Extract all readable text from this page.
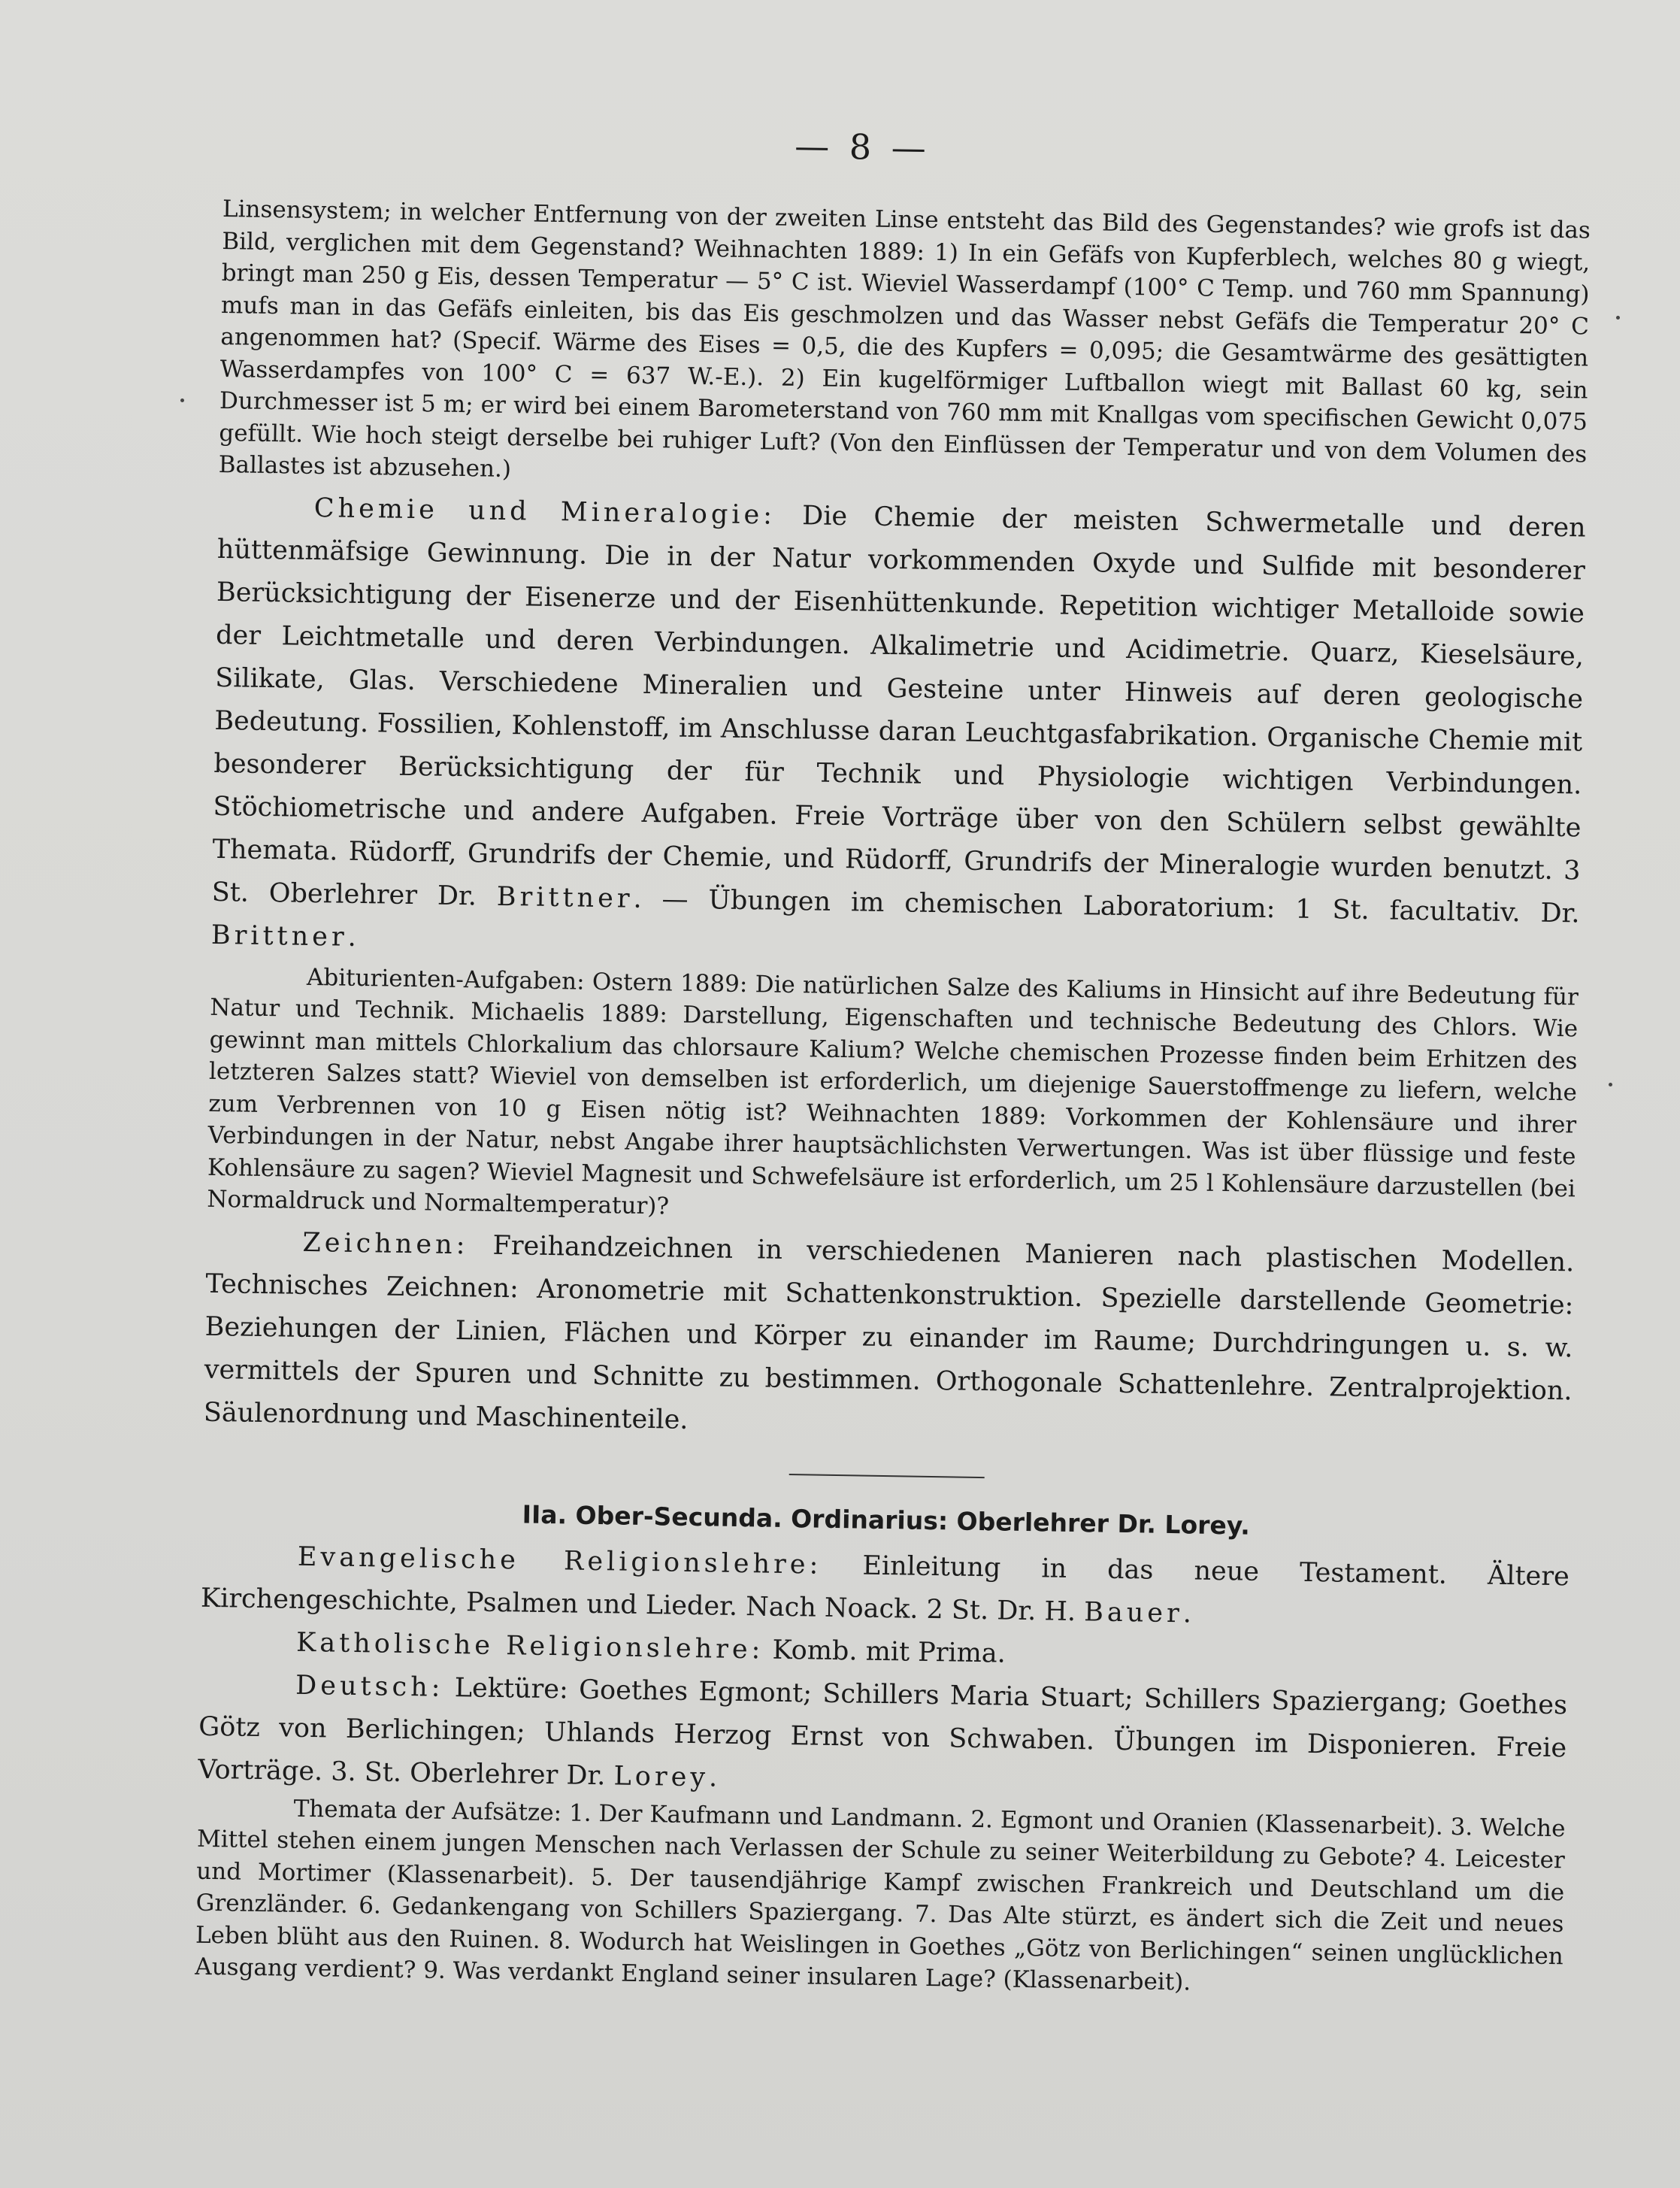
— 8 —

Linsensystem; in welcher Entfernung von der zweiten Linse entsteht das Bild des Gegenstandes? wie grofs ist das Bild, verglichen mit dem Gegenstand? Weihnachten 1889: 1) In ein Gefäfs von Kupferblech, welches 80 g wiegt, bringt man 250 g Eis, dessen Temperatur — 5° C ist. Wieviel Wasserdampf (100° C Temp. und 760 mm Spannung) mufs man in das Gefäfs einleiten, bis das Eis geschmolzen und das Wasser nebst Gefäfs die Temperatur 20° C angenommen hat? (Specif. Wärme des Eises = 0,5, die des Kupfers = 0,095; die Gesamtwärme des gesättigten Wasserdampfes von 100° C = 637 W.-E.). 2) Ein kugelförmiger Luftballon wiegt mit Ballast 60 kg, sein Durchmesser ist 5 m; er wird bei einem Barometerstand von 760 mm mit Knallgas vom specifischen Gewicht 0,075 gefüllt. Wie hoch steigt derselbe bei ruhiger Luft? (Von den Einflüssen der Temperatur und von dem Volumen des Ballastes ist abzusehen.)

Chemie und Mineralogie: Die Chemie der meisten Schwermetalle und deren hüttenmäfsige Gewinnung. Die in der Natur vorkommenden Oxyde und Sulfide mit besonderer Berücksichtigung der Eisenerze und der Eisenhüttenkunde. Repetition wichtiger Metalloide sowie der Leichtmetalle und deren Verbindungen. Alkalimetrie und Acidimetrie. Quarz, Kieselsäure, Silikate, Glas. Verschiedene Mineralien und Gesteine unter Hinweis auf deren geologische Bedeutung. Fossilien, Kohlenstoff, im Anschlusse daran Leuchtgasfabrikation. Organische Chemie mit besonderer Berücksichtigung der für Technik und Physiologie wichtigen Verbindungen. Stöchiometrische und andere Aufgaben. Freie Vorträge über von den Schülern selbst gewählte Themata. Rüdorff, Grundrifs der Chemie, und Rüdorff, Grundrifs der Mineralogie wurden benutzt. 3 St. Oberlehrer Dr. Brittner. — Übungen im chemischen Laboratorium: 1 St. facultativ. Dr. Brittner.

Abiturienten-Aufgaben: Ostern 1889: Die natürlichen Salze des Kaliums in Hinsicht auf ihre Bedeutung für Natur und Technik. Michaelis 1889: Darstellung, Eigenschaften und technische Bedeutung des Chlors. Wie gewinnt man mittels Chlorkalium das chlorsaure Kalium? Welche chemischen Prozesse finden beim Erhitzen des letzteren Salzes statt? Wieviel von demselben ist erforderlich, um diejenige Sauerstoffmenge zu liefern, welche zum Verbrennen von 10 g Eisen nötig ist? Weihnachten 1889: Vorkommen der Kohlensäure und ihrer Verbindungen in der Natur, nebst Angabe ihrer hauptsächlichsten Verwertungen. Was ist über flüssige und feste Kohlensäure zu sagen? Wieviel Magnesit und Schwefelsäure ist erforderlich, um 25 l Kohlensäure darzustellen (bei Normaldruck und Normaltemperatur)?

Zeichnen: Freihandzeichnen in verschiedenen Manieren nach plastischen Modellen. Technisches Zeichnen: Aronometrie mit Schattenkonstruktion. Spezielle darstellende Geometrie: Beziehungen der Linien, Flächen und Körper zu einander im Raume; Durchdringungen u. s. w. vermittels der Spuren und Schnitte zu bestimmen. Orthogonale Schattenlehre. Zentralprojektion. Säulenordnung und Maschinenteile.

IIa. Ober-Secunda. Ordinarius: Oberlehrer Dr. Lorey.

Evangelische Religionslehre: Einleitung in das neue Testament. Ältere Kirchengeschichte, Psalmen und Lieder. Nach Noack. 2 St. Dr. H. Bauer.

Katholische Religionslehre: Komb. mit Prima.

Deutsch: Lektüre: Goethes Egmont; Schillers Maria Stuart; Schillers Spaziergang; Goethes Götz von Berlichingen; Uhlands Herzog Ernst von Schwaben. Übungen im Disponieren. Freie Vorträge. 3. St. Oberlehrer Dr. Lorey.

Themata der Aufsätze: 1. Der Kaufmann und Landmann. 2. Egmont und Oranien (Klassenarbeit). 3. Welche Mittel stehen einem jungen Menschen nach Verlassen der Schule zu seiner Weiterbildung zu Gebote? 4. Leicester und Mortimer (Klassenarbeit). 5. Der tausendjährige Kampf zwischen Frankreich und Deutschland um die Grenzländer. 6. Gedankengang von Schillers Spaziergang. 7. Das Alte stürzt, es ändert sich die Zeit und neues Leben blüht aus den Ruinen. 8. Wodurch hat Weislingen in Goethes „Götz von Berlichingen“ seinen unglücklichen Ausgang verdient? 9. Was verdankt England seiner insularen Lage? (Klassenarbeit).
